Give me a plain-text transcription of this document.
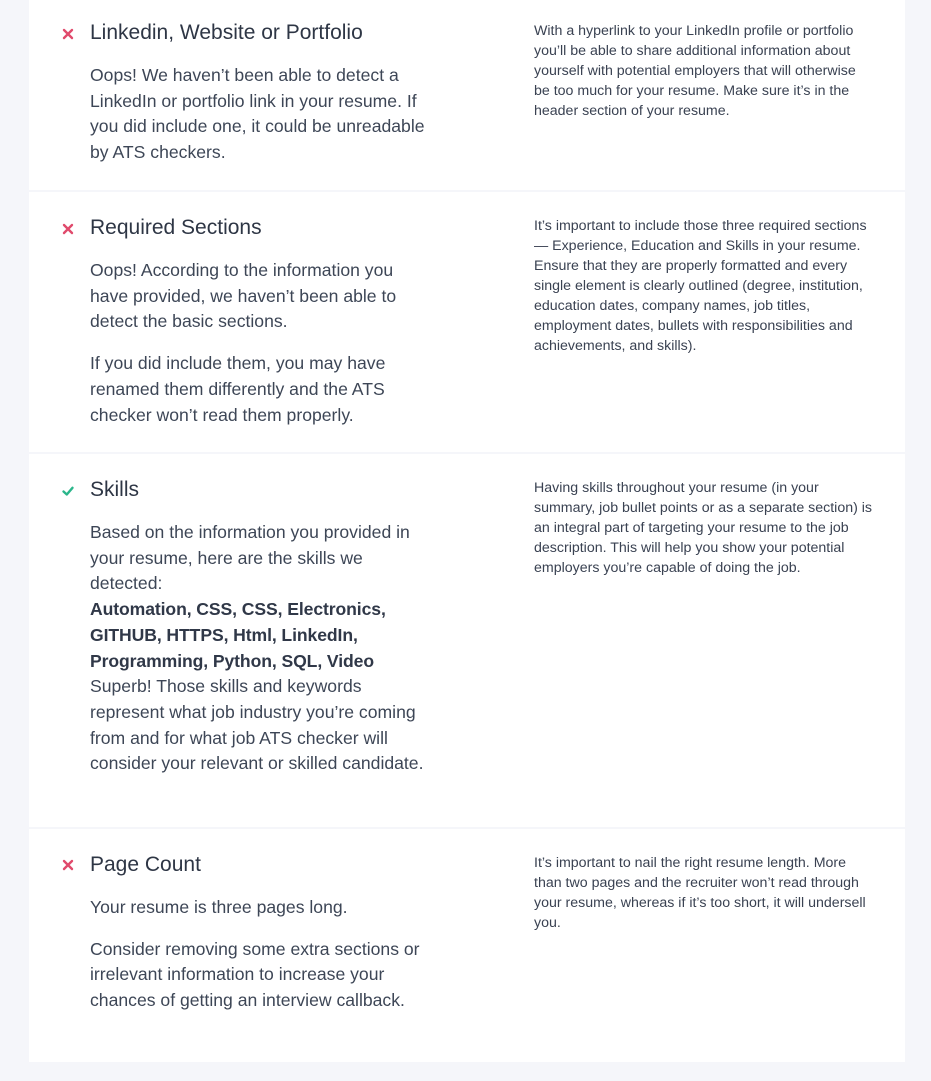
Linkedin, Website or Portfolio

Oops! We haven’t been able to detect a LinkedIn or portfolio link in your resume. If you did include one, it could be unreadable by ATS checkers.

With a hyperlink to your LinkedIn profile or portfolio you’ll be able to share additional information about yourself with potential employers that will otherwise be too much for your resume. Make sure it’s in the header section of your resume.
Required Sections

Oops! According to the information you have provided, we haven’t been able to detect the basic sections.

If you did include them, you may have renamed them differently and the ATS checker won’t read them properly.

It’s important to include those three required sections — Experience, Education and Skills in your resume. Ensure that they are properly formatted and every single element is clearly outlined (degree, institution, education dates, company names, job titles, employment dates, bullets with responsibilities and achievements, and skills).
Skills
Based on the information you provided in your resume, here are the skills we detected:
Automation, CSS, CSS, Electronics, GITHUB, HTTPS, Html, LinkedIn, Programming, Python, SQL, Video
Superb! Those skills and keywords represent what job industry you’re coming from and for what job ATS checker will consider your relevant or skilled candidate.
Having skills throughout your resume (in your summary, job bullet points or as a separate section) is an integral part of targeting your resume to the job description. This will help you show your potential employers you’re capable of doing the job.
Page Count

Your resume is three pages long.

Consider removing some extra sections or irrelevant information to increase your chances of getting an interview callback.

It’s important to nail the right resume length. More than two pages and the recruiter won’t read through your resume, whereas if it’s too short, it will undersell you.
